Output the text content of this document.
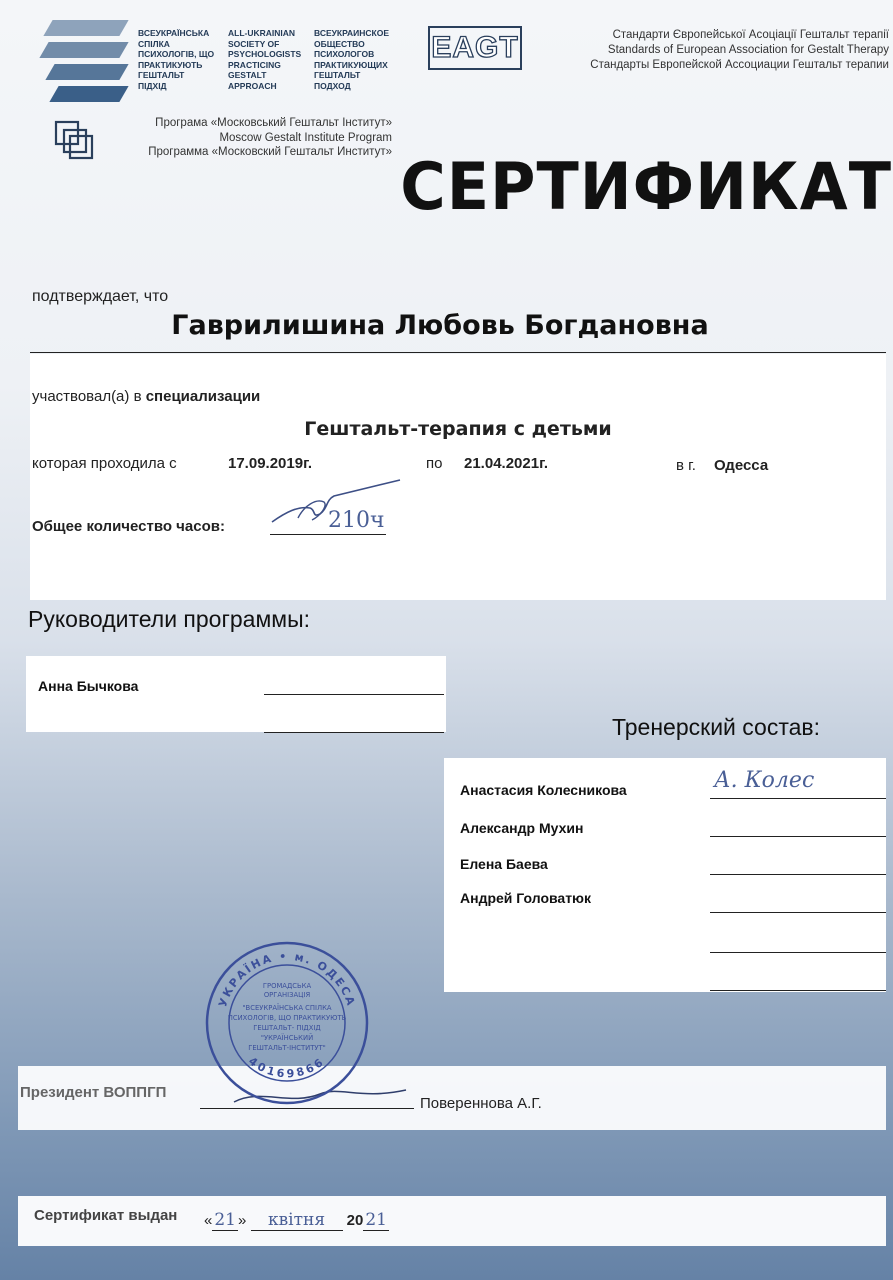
ВСЕУКРАЇНСЬКА
СПІЛКА
ПСИХОЛОГІВ, ЩО
ПРАКТИКУЮТЬ
ГЕШТАЛЬТ
ПІДХІД
ALL-UKRAINIAN
SOCIETY OF
PSYCHOLOGISTS
PRACTICING
GESTALT
APPROACH
ВСЕУКРАИНСКОЕ
ОБЩЕСТВО
ПСИХОЛОГОВ
ПРАКТИКУЮЩИХ
ГЕШТАЛЬТ
ПОДХОД
EAGT	Стандарти Європейської Асоціації Гештальт терапії
Standards of European Association for Gestalt Therapy
Стандарты Европейской Ассоциации Гештальт терапии
Програма «Московський Гештальт Інститут»
Moscow Gestalt Institute Program
Программа «Московский Гештальт Институт» СЕРТИФИКАТ
подтверждает, что
Гаврилишина Любовь Богдановна
участвовал(а) в специализации
Гештальт-терапия с детьми
которая проходила с	17.09.2019г.	по 21.04.2021г.	в г. Одесса
Общее количество часов:	210ч
Руководители программы:
Анна Бычкова
Тренерский состав:
Анастасия Колесникова
Александр Мухин
Елена Баева
Андрей Головатюк
А. Колес
Президент ВОППГП
Повереннова А.Г.
УКРАЇНА • м. ОДЕСА
40169866
ГРОМАДСЬКА
ОРГАНІЗАЦІЯ
"ВСЕУКРАЇНСЬКА СПІЛКА
ПСИХОЛОГІВ, ЩО ПРАКТИКУЮТЬ
ГЕШТАЛЬТ- ПІДХІД
"УКРАЇНСЬКИЙ
ГЕШТАЛЬТ-ІНСТИТУТ"
Сертификат выдан « 21 » квітня 20 21
